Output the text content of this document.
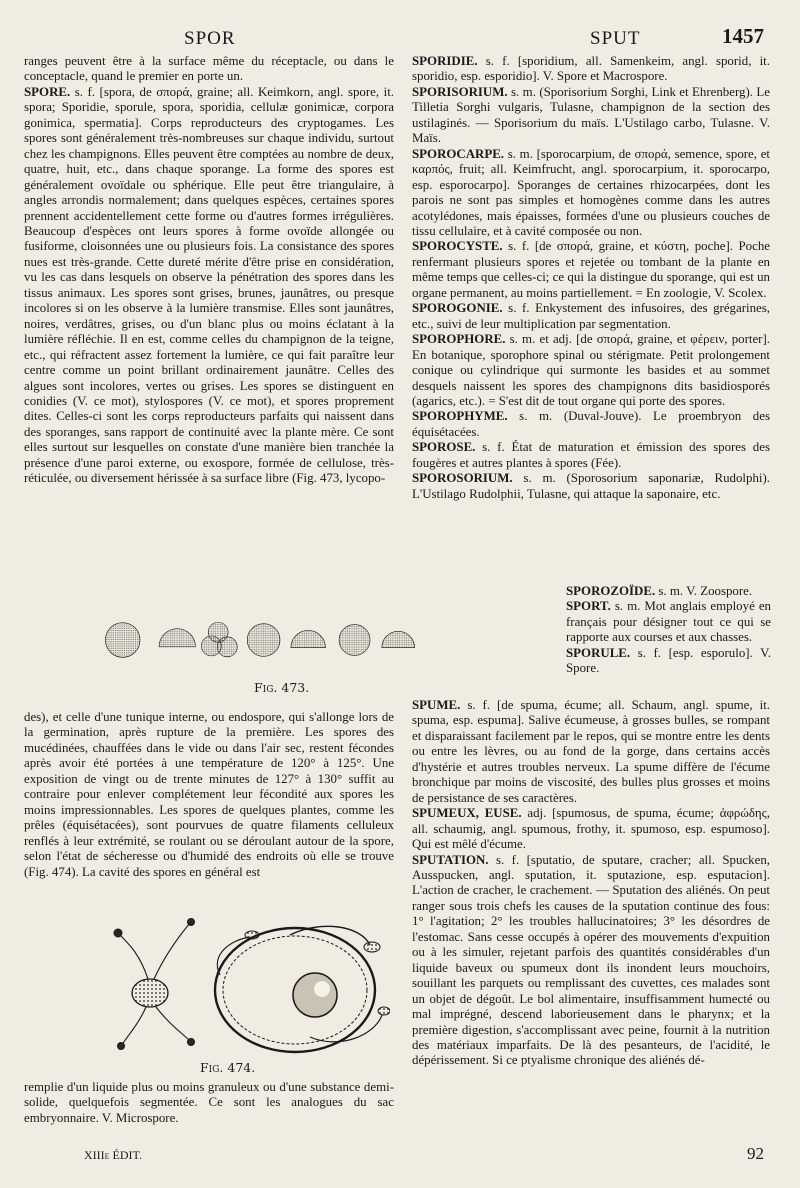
SPOR	SPUT	1457

ranges peuvent être à la surface même du réceptacle, ou dans le conceptacle, quand le premier en porte un.

SPORE. s. f. [spora, de σπορά, graine; all. Keimkorn, angl. spore, it. spora; Sporidie, sporule, spora, sporidia, cellulæ gonimicæ, corpora gonimica, spermatia]. Corps reproducteurs des cryptogames. Les spores sont généralement très-nombreuses sur chaque individu, surtout chez les champignons. Elles peuvent être comptées au nombre de deux, quatre, huit, etc., dans chaque sporange. La forme des spores est généralement ovoïdale ou sphérique. Elle peut être triangulaire, à angles arrondis normalement; dans quelques espèces, certaines spores prennent accidentellement cette forme ou d'autres formes irrégulières. Beaucoup d'espèces ont leurs spores à forme ovoïde allongée ou fusiforme, cloisonnées une ou plusieurs fois. La consistance des spores nues est très-grande. Cette dureté mérite d'être prise en considération, vu les cas dans lesquels on observe la pénétration des spores dans les tissus animaux. Les spores sont grises, brunes, jaunâtres, ou presque incolores si on les observe à la lumière transmise. Elles sont jaunâtres, noires, verdâtres, grises, ou d'un blanc plus ou moins éclatant à la lumière réfléchie. Il en est, comme celles du champignon de la teigne, etc., qui réfractent assez fortement la lumière, ce qui fait paraître leur centre comme un point brillant ordinairement jaunâtre. Celles des algues sont incolores, vertes ou grises. Les spores se distinguent en conidies (V. ce mot), stylospores (V. ce mot), et spores proprement dites. Celles-ci sont les corps reproducteurs parfaits qui naissent dans des sporanges, sans rapport de continuité avec la plante mère. Ce sont elles surtout sur lesquelles on constate d'une manière bien tranchée la présence d'une paroi externe, ou exospore, formée de cellulose, très-réticulée, ou diversement hérissée à sa surface libre (Fig. 473, lycopo-

Fig. 473.

des), et celle d'une tunique interne, ou endospore, qui s'allonge lors de la germination, après rupture de la première. Les spores des mucédinées, chauffées dans le vide ou dans l'air sec, restent fécondes après avoir été portées à une température de 120° à 125°. Une exposition de vingt ou de trente minutes de 127° à 130° suffit au contraire pour enlever complétement leur fécondité aux spores les moins impressionnables. Les spores de quelques plantes, comme les prêles (équisétacées), sont pourvues de quatre filaments celluleux renflés à leur extrémité, se roulant ou se déroulant autour de la spore, selon l'état de sécheresse ou d'humidé des endroits où elle se trouve (Fig. 474). La cavité des spores en général est

Fig. 474.

remplie d'un liquide plus ou moins granuleux ou d'une substance demi-solide, quelquefois segmentée. Ce sont les analogues du sac embryonnaire. V. Microspore.

SPORIDIE. s. f. [sporidium, all. Samenkeim, angl. sporid, it. sporidio, esp. esporidio]. V. Spore et Macrospore.

SPORISORIUM. s. m. (Sporisorium Sorghi, Link et Ehrenberg). Le Tilletia Sorghi vulgaris, Tulasne, champignon de la section des ustilaginés. — Sporisorium du maïs. L'Ustilago carbo, Tulasne. V. Maïs.

SPOROCARPE. s. m. [sporocarpium, de σπορά, semence, spore, et καρπός, fruit; all. Keimfrucht, angl. sporocarpium, it. sporocarpo, esp. esporocarpo]. Sporanges de certaines rhizocarpées, dont les parois ne sont pas simples et homogènes comme dans les autres acotylédones, mais épaisses, formées d'une ou plusieurs couches de tissu cellulaire, et à cavité composée ou non.

SPOROCYSTE. s. f. [de σπορά, graine, et κύστη, poche]. Poche renfermant plusieurs spores et rejetée ou tombant de la plante en même temps que celles-ci; ce qui la distingue du sporange, qui est un organe permanent, au moins partiellement. = En zoologie, V. Scolex.

SPOROGONIE. s. f. Enkystement des infusoires, des grégarines, etc., suivi de leur multiplication par segmentation.

SPOROPHORE. s. m. et adj. [de σπορά, graine, et φέρειν, porter]. En botanique, sporophore spinal ou stérigmate. Petit prolongement conique ou cylindrique qui surmonte les basides et au sommet desquels naissent les spores des champignons dits basidiosporés (agarics, etc.). = S'est dit de tout organe qui porte des spores.

SPOROPHYME. s. m. (Duval-Jouve). Le proembryon des équisétacées.

SPOROSE. s. f. État de maturation et émission des spores des fougères et autres plantes à spores (Fée).

SPOROSORIUM. s. m. (Sporosorium saponariæ, Rudolphi). L'Ustilago Rudolphii, Tulasne, qui attaque la saponaire, etc.

SPOROZOÏDE. s. m. V. Zoospore.

SPORT. s. m. Mot anglais employé en français pour désigner tout ce qui se rapporte aux courses et aux chasses.

SPORULE. s. f. [esp. esporulo]. V. Spore.

SPUME. s. f. [de spuma, écume; all. Schaum, angl. spume, it. spuma, esp. espuma]. Salive écumeuse, à grosses bulles, se rompant et disparaissant facilement par le repos, qui se montre entre les dents ou entre les lèvres, ou au fond de la gorge, dans certains accès d'hystérie et autres troubles nerveux. La spume diffère de l'écume bronchique par moins de viscosité, des bulles plus grosses et moins de persistance de ses caractères.

SPUMEUX, EUSE. adj. [spumosus, de spuma, écume; ἀφρώδης, all. schaumig, angl. spumous, frothy, it. spumoso, esp. espumoso]. Qui est mêlé d'écume.

SPUTATION. s. f. [sputatio, de sputare, cracher; all. Spucken, Ausspucken, angl. sputation, it. sputazione, esp. esputacion]. L'action de cracher, le crachement. — Sputation des aliénés. On peut ranger sous trois chefs les causes de la sputation continue des fous: 1° l'agitation; 2° les troubles hallucinatoires; 3° les désordres de l'estomac. Sans cesse occupés à opérer des mouvements d'expuition ou à les simuler, rejetant parfois des quantités considérables d'un liquide baveux ou spumeux dont ils inondent leurs mouchoirs, souillant les parquets ou remplissant des cuvettes, ces malades sont un objet de dégoût. Le bol alimentaire, insuffisamment humecté ou mal imprégné, descend laborieusement dans le pharynx; et la première digestion, s'accomplissant avec peine, fournit à la nutrition des matériaux imparfaits. De là des pesanteurs, de l'acidité, le dépérissement. Si ce ptyalisme chronique des aliénés dé-

XIIIe ÉDIT.	92
